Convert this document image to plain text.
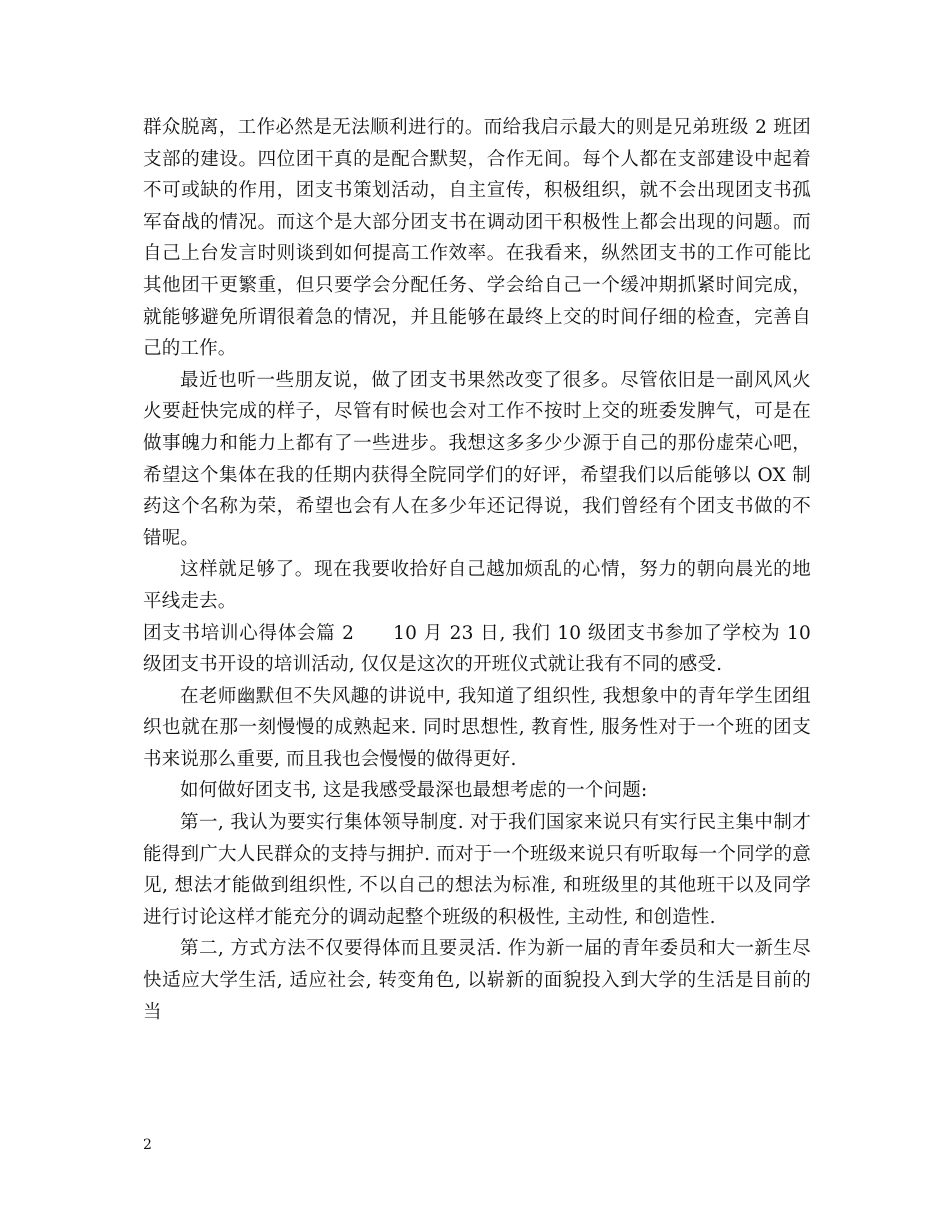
群众脱离，工作必然是无法顺利进行的。而给我启示最大的则是兄弟班级 2 班团支部的建设。四位团干真的是配合默契，合作无间。每个人都在支部建设中起着不可或缺的作用，团支书策划活动，自主宣传，积极组织，就不会出现团支书孤军奋战的情况。而这个是大部分团支书在调动团干积极性上都会出现的问题。而自己上台发言时则谈到如何提高工作效率。在我看来，纵然团支书的工作可能比其他团干更繁重，但只要学会分配任务、学会给自己一个缓冲期抓紧时间完成，就能够避免所谓很着急的情况，并且能够在最终上交的时间仔细的检查，完善自己的工作。

最近也听一些朋友说，做了团支书果然改变了很多。尽管依旧是一副风风火火要赶快完成的样子，尽管有时候也会对工作不按时上交的班委发脾气，可是在做事魄力和能力上都有了一些进步。我想这多多少少源于自己的那份虚荣心吧，希望这个集体在我的任期内获得全院同学们的好评，希望我们以后能够以 OX 制药这个名称为荣，希望也会有人在多少年还记得说，我们曾经有个团支书做的不错呢。

这样就足够了。现在我要收拾好自己越加烦乱的心情，努力的朝向晨光的地平线走去。

团支书培训心得体会篇 2　　10 月 23 日, 我们 10 级团支书参加了学校为 10 级团支书开设的培训活动, 仅仅是这次的开班仪式就让我有不同的感受.

在老师幽默但不失风趣的讲说中, 我知道了组织性, 我想象中的青年学生团组织也就在那一刻慢慢的成熟起来. 同时思想性, 教育性, 服务性对于一个班的团支书来说那么重要, 而且我也会慢慢的做得更好.

如何做好团支书, 这是我感受最深也最想考虑的一个问题:

第一, 我认为要实行集体领导制度. 对于我们国家来说只有实行民主集中制才能得到广大人民群众的支持与拥护. 而对于一个班级来说只有听取每一个同学的意见, 想法才能做到组织性, 不以自己的想法为标准, 和班级里的其他班干以及同学进行讨论这样才能充分的调动起整个班级的积极性, 主动性, 和创造性.

第二, 方式方法不仅要得体而且要灵活. 作为新一届的青年委员和大一新生尽快适应大学生活, 适应社会, 转变角色, 以崭新的面貌投入到大学的生活是目前的当

2
